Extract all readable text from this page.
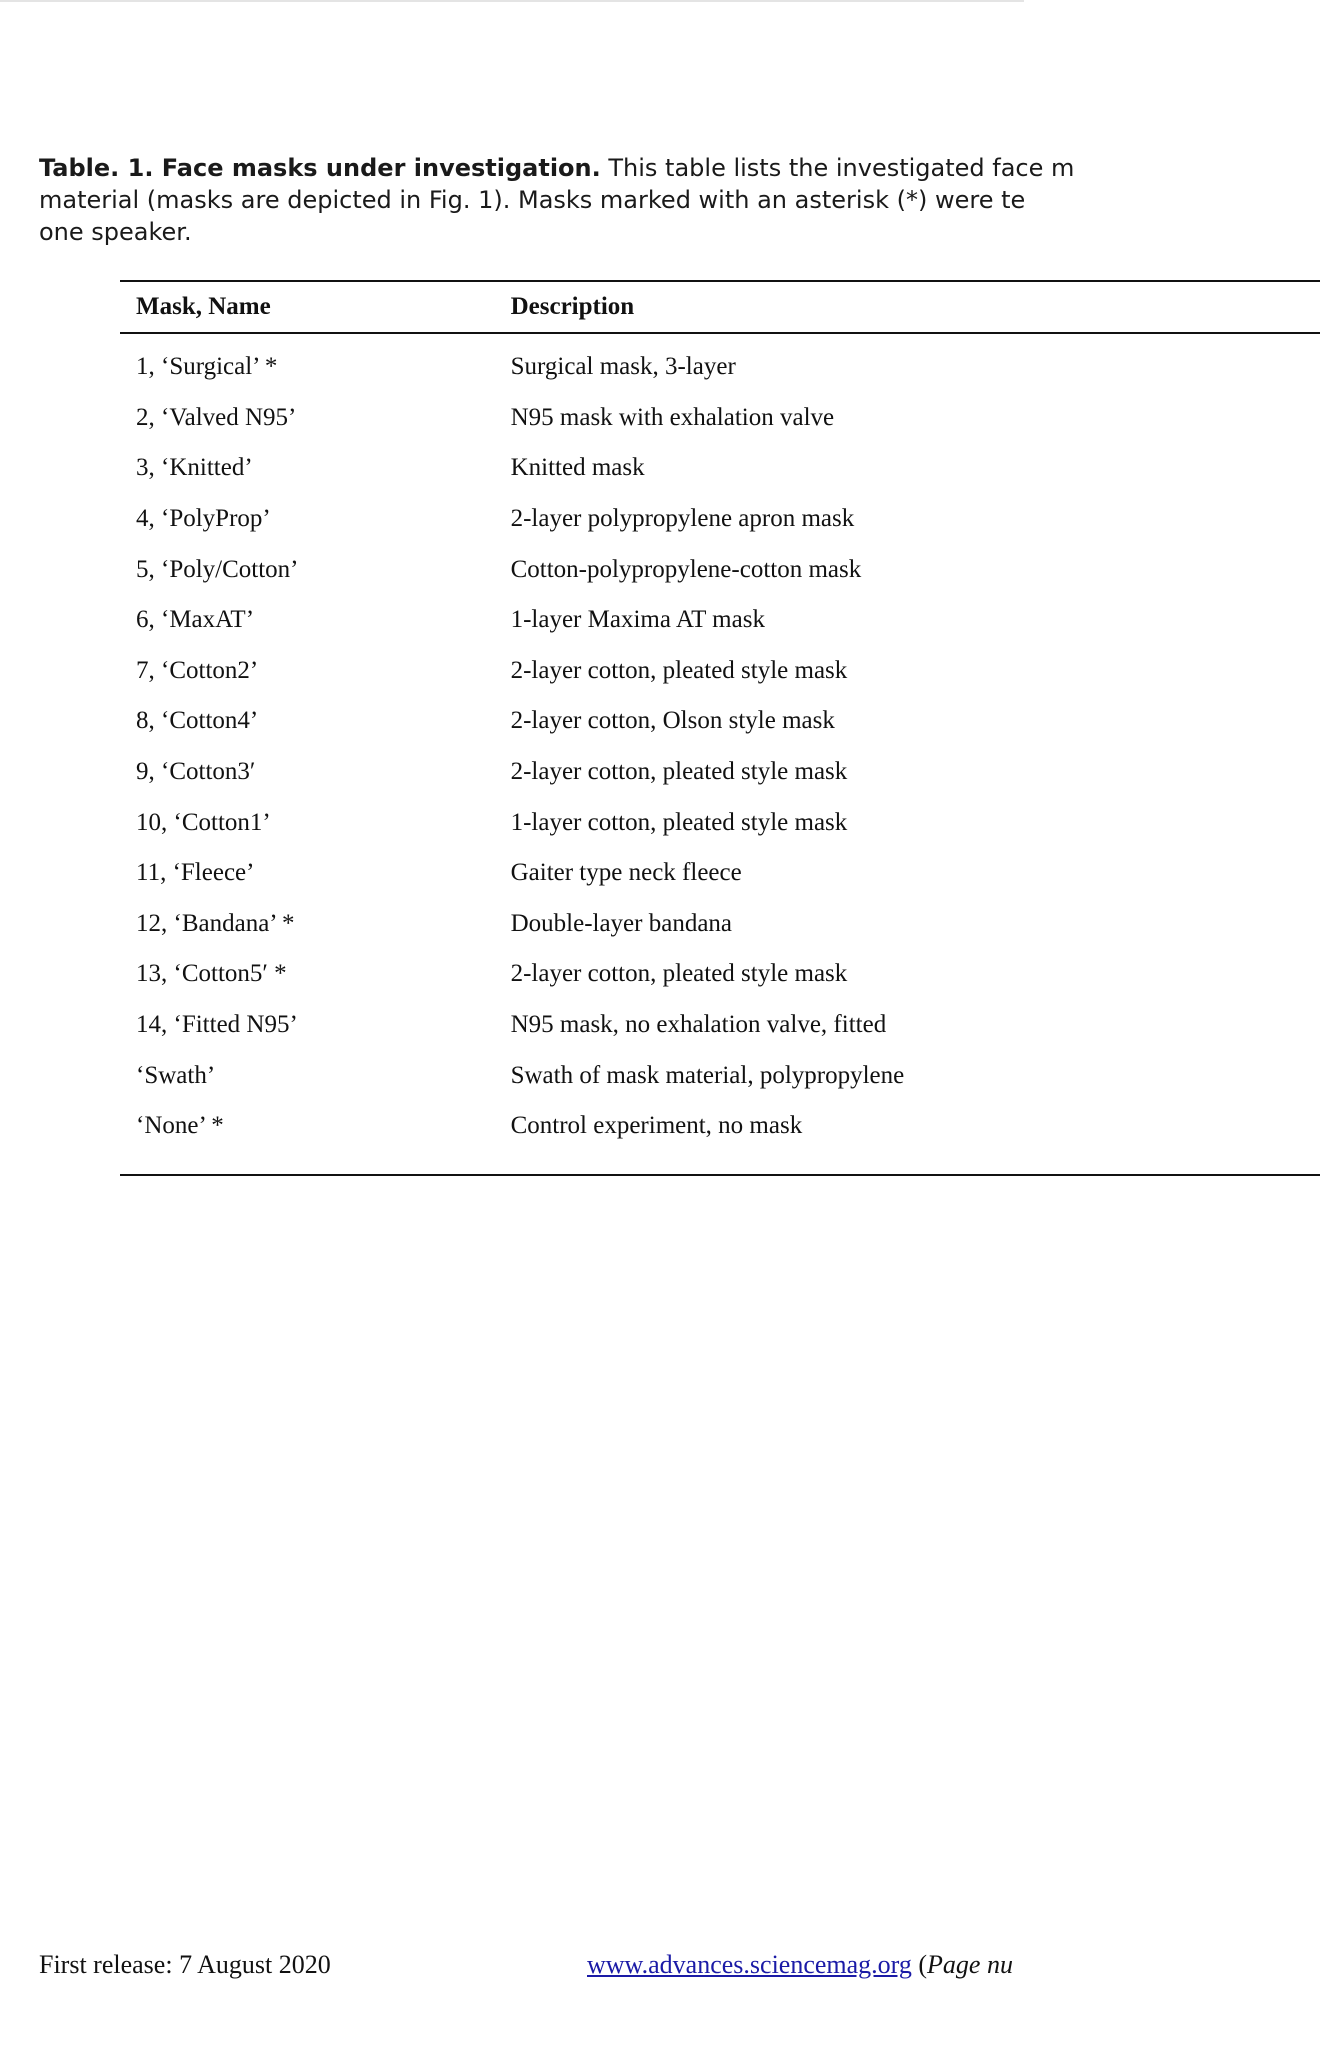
Table. 1. Face masks under investigation. This table lists the investigated face m
material (masks are depicted in Fig. 1). Masks marked with an asterisk (*) were te
one speaker.
Mask, Name	Description
1, ‘Surgical’ *	Surgical mask, 3-layer
2, ‘Valved N95’	N95 mask with exhalation valve
3, ‘Knitted’	Knitted mask
4, ‘PolyProp’	2-layer polypropylene apron mask
5, ‘Poly/Cotton’	Cotton-polypropylene-cotton mask
6, ‘MaxAT’	1-layer Maxima AT mask
7, ‘Cotton2’	2-layer cotton, pleated style mask
8, ‘Cotton4’	2-layer cotton, Olson style mask
9, ‘Cotton3′	2-layer cotton, pleated style mask
10, ‘Cotton1’	1-layer cotton, pleated style mask
11, ‘Fleece’	Gaiter type neck fleece
12, ‘Bandana’ *	Double-layer bandana
13, ‘Cotton5′ *	2-layer cotton, pleated style mask
14, ‘Fitted N95’	N95 mask, no exhalation valve, fitted
‘Swath’	Swath of mask material, polypropylene
‘None’ *	Control experiment, no mask
First release: 7 August 2020	www.advances.sciencemag.org (Page nu
